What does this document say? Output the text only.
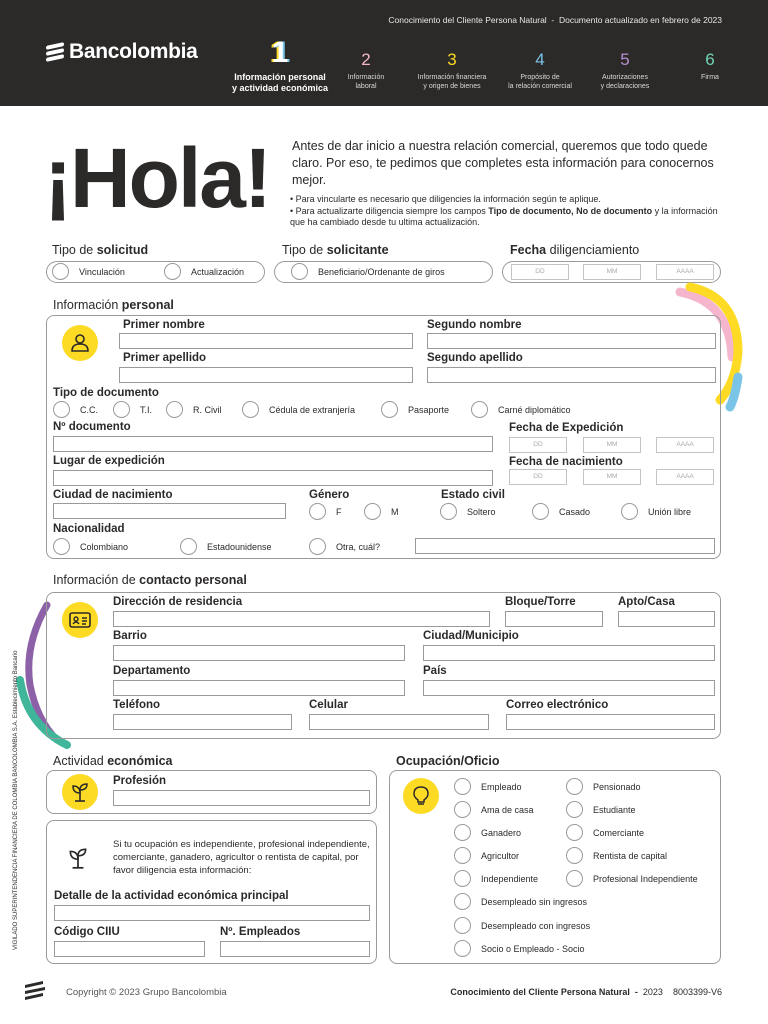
Conocimiento del Cliente Persona Natural  -  Documento actualizado en febrero de 2023
Bancolombia	1
Información personal
y actividad económica
2
Información
laboral
3
Información financiera
y origen de bienes
4
Propósito de
la relación comercial
5
Autorizaciones
y declaraciones
6
Firma
¡Hola! Antes de dar inicio a nuestra relación comercial, queremos que todo quede claro. Por eso, te pedimos que completes esta información para conocernos mejor.
• Para vincularte es necesario que diligencies la información según te aplique.
• Para actualizarte diligencia siempre los campos Tipo de documento, No de documento y la información que ha cambiado desde tu ultima actualización.
Tipo de solicitud
Vinculación	Actualización
Tipo de solicitante
Beneficiario/Ordenante de giros
Fecha diligenciamiento
DD	MM	AAAA
Información personal
Primer nombre	Segundo nombre
Primer apellido	Segundo apellido
Tipo de documento
C.C.	T.I.	R. Civil	Cédula de extranjería	Pasaporte	Carné diplomático
Nº documento	Fecha de Expedición
DD	MM	AAAA
Lugar de expedición	Fecha de nacimiento
DD	MM	AAAA
Ciudad de nacimiento	Género
F	M
Estado civil
Soltero	Casado	Unión libre
Nacionalidad
Colombiano	Estadounidense	Otra, cuál?
Información de contacto personal
Dirección de residencia	Bloque/Torre	Apto/Casa
Barrio	Ciudad/Municipio
Departamento	País
Teléfono	Celular	Correo electrónico
Actividad económica
Profesión
Si tu ocupación es independiente, profesional independiente, comerciante, ganadero, agricultor o rentista de capital, por favor diligencia esta información:
Detalle de la actividad económica principal
Código CIIU	Nº. Empleados
Ocupación/Oficio
Empleado
Ama de casa
Ganadero
Agricultor
Independiente
Desempleado sin ingresos
Desempleado con ingresos
Socio o Empleado - Socio
Pensionado
Estudiante
Comerciante
Rentista de capital
Profesional Independiente
VIGILADO SUPERINTENDENCIA FINANCIERA DE COLOMBIA BANCOLOMBIA S.A. Establecimiento Bancario
Copyright © 2023 Grupo Bancolombia	Conocimiento del Cliente Persona Natural  -  2023 8003399-V6
